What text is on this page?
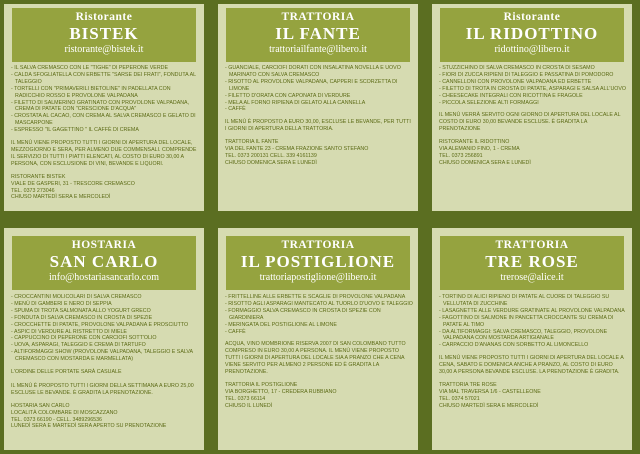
Ristorante
BISTEK
ristorante@bistek.it
- IL SALVA CREMASCO CON LE "TIGHE" DI PEPERONE VERDE
- CALDA SFOGLIATELLA CON ERBETTE "SARSE DEI FRATI", FONDUTA AL TALEGGIO
- TORTELLI CON "PRIMAVERILI BIETOLINE" IN PADELLATA CON RADICCHIO ROSSO E PROVOLONE VALPADANA
- FILETTO DI SALMERINO GRATINATO CON PROVOLONE VALPADANA, CREMA DI PATATE CON "CRESCIONE D'ACQUA"
- CROSTATA AL CACAO, CON CREMA AL SALVA CREMASCO E GELATO DI MASCARPONE
- ESPRESSO "IL GAGETTINO " IL CAFFÈ DI CREMA

IL MENÙ VIENE PROPOSTO TUTTI I GIORNI DI APERTURA DEL LOCALE, MEZZOGIORNO E SERA, PER ALMENO DUE COMMENSALI. COMPRENDE IL SERVIZIO DI TUTTI I PIATTI ELENCATI, AL COSTO DI EURO 30,00 A PERSONA, CON ESCLUSIONE DI VINI, BEVANDE E LIQUORI.

RISTORANTE BISTEK

VIALE DE GASPERI, 31 - TRESCORE CREMASCO

TEL. 0373 273046

CHIUSO MARTEDÌ SERA E MERCOLEDÌ

TRATTORIA
IL FANTE
trattoriailfante@libero.it
- GUANCIALE, CARCIOFI DORATI CON INSALATINA NOVELLA E UOVO MARINATO CON SALVA CREMASCO
- RISOTTO AL PROVOLONE VALPADANA, CAPPERI E SCORZETTA DI LIMONE
- FILETTO D'ORATA CON CAPONATA DI VERDURE
- MELA AL FORNO RIPIENA DI GELATO ALLA CANNELLA
- CAFFÈ

IL MENÙ È PROPOSTO A EURO 30,00, ESCLUSE LE BEVANDE, PER TUTTI I GIORNI DI APERTURA DELLA TRATTORIA.

TRATTORIA IL FANTE

VIA DEL FANTE 23 - CREMA FRAZIONE SANTO STEFANO

TEL. 0373 200131 CELL. 339 4161139

CHIUSO DOMENICA SERA E LUNEDÌ

Ristorante
IL RIDOTTINO
ridottino@libero.it
- STUZZICHINO DI SALVA CREMASCO IN CROSTA DI SESAMO
- FIORI DI ZUCCA RIPIENI DI TALEGGIO E PASSATINA DI POMODORO
- CANNELLONI CON PROVOLONE VALPADANA ED ERBETTE
- FILETTO DI TROTA IN CROSTA DI PATATE, ASPARAGI E SALSA ALL'UOVO
- CHEESECAKE INTEGRALI CON RICOTTINA E FRAGOLE
- PICCOLA SELEZIONE ALTI FORMAGGI

IL MENÙ VERRÀ SERVITO OGNI GIORNO DI APERTURA DEL LOCALE AL COSTO DI EURO 30,00 BEVANDE ESCLUSE. È GRADITA LA PRENOTAZIONE

RISTORANTE IL RIDOTTINO

VIA ALEMANIO FINO, 1 - CREMA

TEL. 0373 256891

CHIUSO DOMENICA SERA E LUNEDÌ

HOSTARIA
SAN CARLO
info@hostariasancarlo.com
- CROCCANTINI MOLICOLARI DI SALVA CREMASCO
- MENÙ DI GAMBERI E NERO DI SEPPIA
- SPUMA DI TROTA SALMONATA ALLO YOGURT GRECO
- FONDUTA DI SALVA CREMASCO IN CROSTA DI SPEZIE
- CROCCHETTE DI PATATE, PROVOLONE VALPADANA E PROSCIUTTO
- ASPIC DI VERDURE AL RISTRETTO DI MIELE
- CAPPUCCINO DI PEPERONE CON CARCIOFI SOTT'OLIO
- UOVA, ASPARAGI, TALEGGIO E CREMA DI TARTUFO
- ALTIFORMAGGI SHOW (PROVOLONE VALPADANA, TALEGGIO E SALVA CREMASCO CON MOSTARDA E MARMELLATA)

L'ORDINE DELLE PORTATE SARÀ CASUALE

IL MENÙ È PROPOSTO TUTTI I GIORNI DELLA SETTIMANA A EURO 25,00 ESCLUSE LE BEVANDE. È GRADITA LA PRENOTAZIONE.

HOSTARIA SAN CARLO

LOCALITÀ COLOMBARE DI MOSCAZZANO

TEL. 0373 66190 - CELL. 3489296536

LUNEDÌ SERA E MARTEDÌ SERA APERTO SU PRENOTAZIONE

TRATTORIA
IL POSTIGLIONE
trattoriapostiglione@libero.it
- FRITTELLINE ALLE ERBETTE E SCAGLIE DI PROVOLONE VALPADANA
- RISOTTO AGLI ASPARAGI MANTECATO AL TUORLO D'UOVO E TALEGGIO
- FORMAGGIO SALVA CREMASCO IN CROSTA DI SPEZIE CON GIARDINIERA
- MERINGATA DEL POSTIGLIONE AL LIMONE
- CAFFÈ

ACQUA, VINO MOMBRIONE RISERVA 2007 DI SAN COLOMBANO TUTTO COMPRESO IN EURO 30,00 A PERSONA. IL MENÙ VIENE PROPOSTO TUTTI I GIORNI DI APERTURA DEL LOCALE SIA A PRANZO CHE A CENA VIENE SERVITO PER ALMENO 2 PERSONE ED È GRADITA LA PRENOTAZIONE.

TRATTORIA IL POSTIGLIONE

VIA BORGHETTO, 17 - CREDERA RUBBIANO

TEL. 0373 66114

CHIUSO IL LUNEDÌ

TRATTORIA
TRE ROSE
trerose@alice.it
- TORTINO DI ALICI RIPIENO DI PATATE AL CUORE DI TALEGGIO SU VELLUTATA DI ZUCCHINE
- LASAGNETTE ALLE VERDURE GRATINATE AL PROVOLONE VALPADANA
- FAGOTTINO DI SALMONE IN PANCETTA CROCCANTE SU CREMA DI PATATE AL TIMO
- DA ALTIFORMAGGI: SALVA CREMASCO, TALEGGIO, PROVOLONE VALPADANA CON MOSTARDA ARTIGIANALE
- CARPACCIO D'ANANAS CON SORBETTO AL LIMONCELLO

IL MENÙ VIENE PROPOSTO TUTTI I GIORNI DI APERTURA DEL LOCALE A CENA, SABATO E DOMENICA ANCHE A PRANZO, AL COSTO DI EURO 30,00 A PERSONA BEVANDE ESCLUSE. LA PRENOTAZIONE È GRADITA.

TRATTORIA TRE ROSE

VIA MAL TRAVERSA 1/6 - CASTELLEONE

TEL. 0374 57021

CHIUSO MARTEDÌ SERA E MERCOLEDÌ
